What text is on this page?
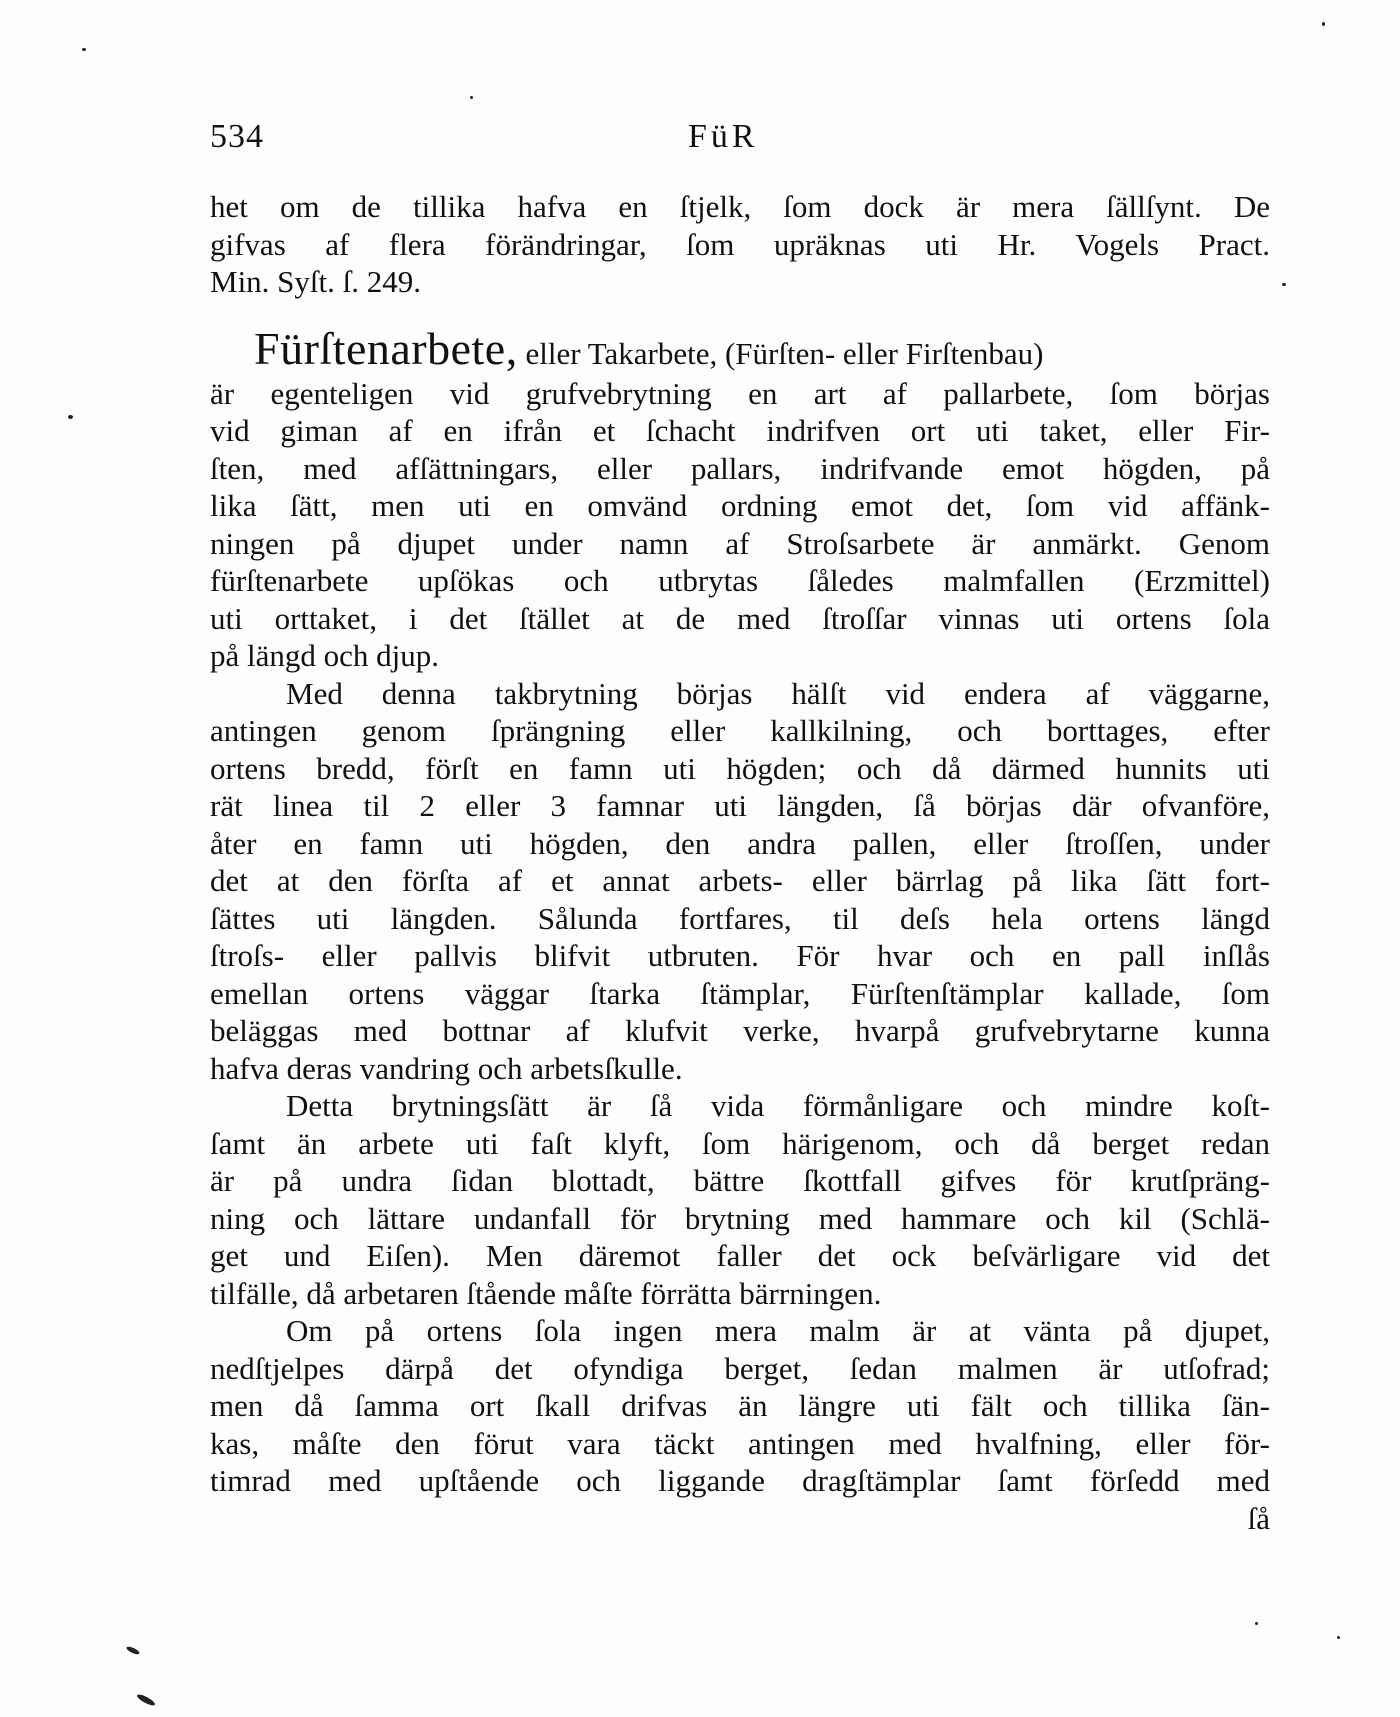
534	FüR
het om de tillika hafva en ſtjelk, ſom dock är mera ſällſynt. De
gifvas af flera förändringar, ſom upräknas uti Hr. Vogels Pract.
Min. Syſt. ſ. 249.
Fürſtenarbete, eller Takarbete, (Fürſten- eller Firſtenbau)
är egenteligen vid grufvebrytning en art af pallarbete, ſom börjas
vid giman af en ifrån et ſchacht indrifven ort uti taket, eller Fir-
ſten, med afſättningars, eller pallars, indrifvande emot högden, på
lika ſätt, men uti en omvänd ordning emot det, ſom vid affänk-
ningen på djupet under namn af Stroſsarbete är anmärkt. Genom
fürſtenarbete upſökas och utbrytas ſåledes malmfallen (Erzmittel)
uti orttaket, i det ſtället at de med ſtroſſar vinnas uti ortens ſola
på längd och djup.
Med denna takbrytning börjas hälſt vid endera af väggarne,
antingen genom ſprängning eller kallkilning, och borttages, efter
ortens bredd, förſt en famn uti högden; och då därmed hunnits uti
rät linea til 2 eller 3 famnar uti längden, ſå börjas där ofvanföre,
åter en famn uti högden, den andra pallen, eller ſtroſſen, under
det at den förſta af et annat arbets- eller bärrlag på lika ſätt fort-
ſättes uti längden. Sålunda fortfares, til deſs hela ortens längd
ſtroſs- eller pallvis blifvit utbruten. För hvar och en pall inſlås
emellan ortens väggar ſtarka ſtämplar, Fürſtenſtämplar kallade, ſom
beläggas med bottnar af klufvit verke, hvarpå grufvebrytarne kunna
hafva deras vandring och arbetsſkulle.
Detta brytningsſätt är ſå vida förmånligare och mindre koſt-
ſamt än arbete uti faſt klyft, ſom härigenom, och då berget redan
är på undra ſidan blottadt, bättre ſkottfall gifves för krutſpräng-
ning och lättare undanfall för brytning med hammare och kil (Schlä-
get und Eiſen). Men däremot faller det ock beſvärligare vid det
tilfälle, då arbetaren ſtående måſte förrätta bärrningen.
Om på ortens ſola ingen mera malm är at vänta på djupet,
nedſtjelpes därpå det ofyndiga berget, ſedan malmen är utſofrad;
men då ſamma ort ſkall drifvas än längre uti fält och tillika ſän-
kas, måſte den förut vara täckt antingen med hvalfning, eller för-
timrad med upſtående och liggande dragſtämplar ſamt förſedd med
ſå
